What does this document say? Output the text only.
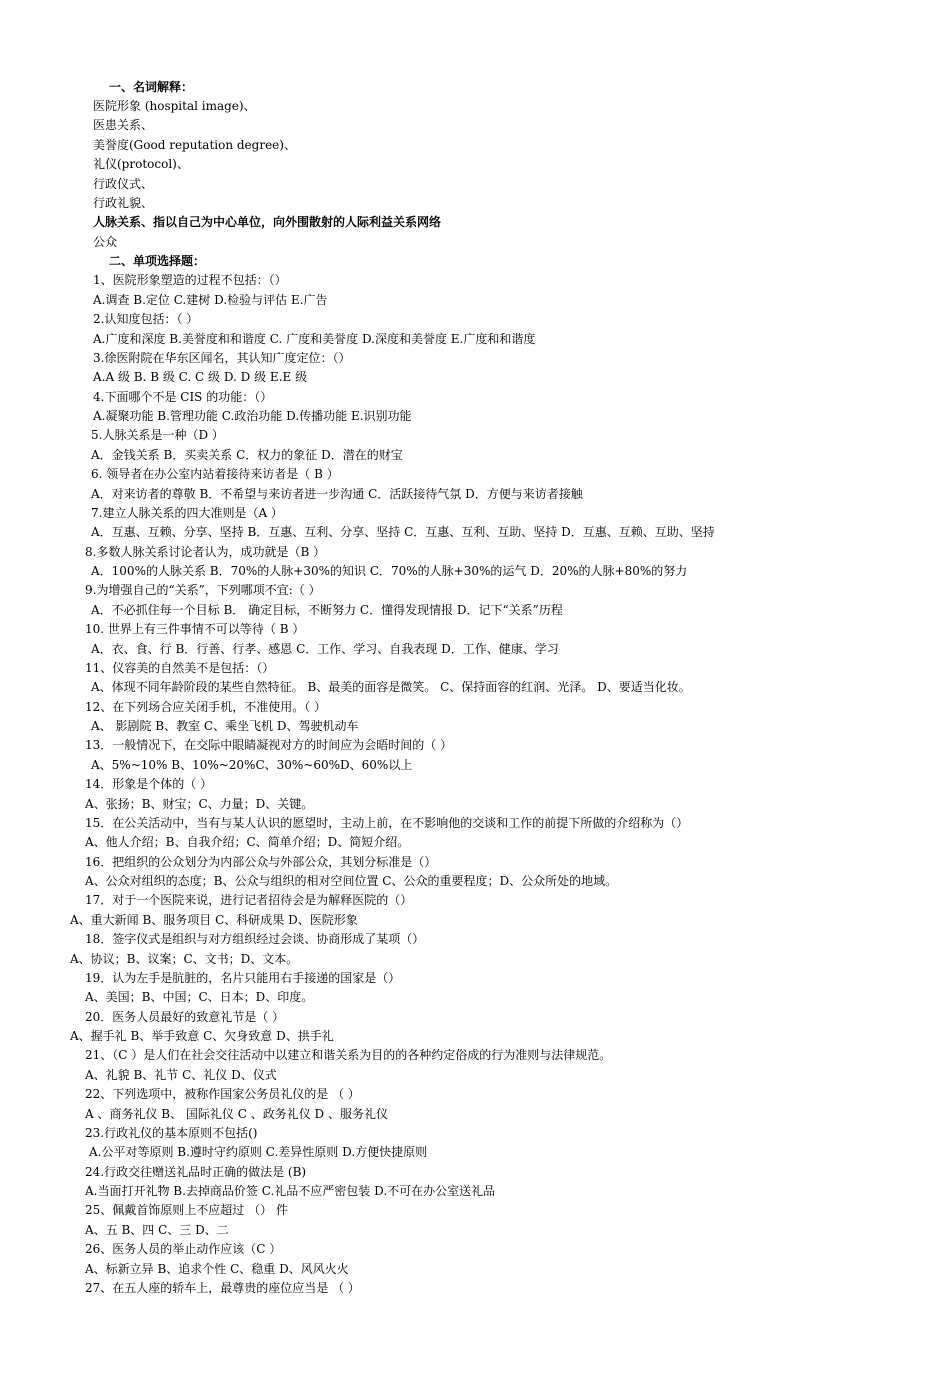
一、名词解释：
医院形象 (hospital image)、
医患关系、
美誉度(Good reputation degree)、
礼仪(protocol)、
行政仪式、
行政礼貌、
人脉关系、指以自己为中心单位，向外围散射的人际利益关系网络
公众
二、单项选择题：
1、医院形象塑造的过程不包括：（）
A.调查 B.定位 C.建树 D.检验与评估 E.广告
2.认知度包括：（ ）
A.广度和深度 B.美誉度和和谐度 C. 广度和美誉度 D.深度和美誉度 E.广度和和谐度
3.徐医附院在华东区闻名，其认知广度定位：（）
A.A 级 B. B 级 C. C 级 D. D 级 E.E 级
4.下面哪个不是 CIS 的功能：（）
A.凝聚功能 B.管理功能 C.政治功能 D.传播功能 E.识别功能
5.人脉关系是一种（D ）
A．金钱关系 B．买卖关系 C．权力的象征 D．潜在的财宝
6. 领导者在办公室内站着接待来访者是（ B ）
A．对来访者的尊敬 B．不希望与来访者进一步沟通 C．活跃接待气氛 D．方便与来访者接触
7.建立人脉关系的四大准则是（A ）
A．互惠、互赖、分享、坚持 B．互惠、互利、分享、坚持 C．互惠、互利、互助、坚持 D．互惠、互赖、互助、坚持
8.多数人脉关系讨论者认为，成功就是（B ）
A．100%的人脉关系 B．70%的人脉+30%的知识 C．70%的人脉+30%的运气 D．20%的人脉+80%的努力
9.为增强自己的“关系”，下列哪项不宜:（ ）
A．不必抓住每一个目标 B． 确定目标，不断努力 C．懂得发现情报 D．记下“关系”历程
10. 世界上有三件事情不可以等待（ B ）
A．衣、食、行 B．行善、行孝、感恩 C．工作、学习、自我表现 D．工作、健康、学习
11、仪容美的自然美不是包括：（）
A、体现不同年龄阶段的某些自然特征。 B、最美的面容是微笑。 C、保持面容的红润、光泽。 D、要适当化妆。
12、在下列场合应关闭手机，不准使用。（ ）
A、 影剧院 B、教室 C、乘坐飞机 D、驾驶机动车
13．一般情况下，在交际中眼睛凝视对方的时间应为会晤时间的（ ）
A、5%~10% B、10%~20%C、30%~60%D、60%以上
14．形象是个体的（ ）
A、张扬；B、财宝；C、力量；D、关键。
15．在公关活动中，当有与某人认识的愿望时，主动上前，在不影响他的交谈和工作的前提下所做的介绍称为（）
A、他人介绍；B、自我介绍；C、简单介绍；D、简短介绍。
16．把组织的公众划分为内部公众与外部公众，其划分标准是（）
A、公众对组织的态度；B、公众与组织的相对空间位置 C、公众的重要程度；D、公众所处的地域。
17．对于一个医院来说，进行记者招待会是为解释医院的（）
A、重大新闻 B、服务项目 C、科研成果 D、医院形象
18．签字仪式是组织与对方组织经过会谈、协商形成了某项（）
A、协议；B、议案；C、文书；D、文本。
19．认为左手是肮脏的，名片只能用右手接递的国家是（）
A、美国；B、中国；C、日本；D、印度。
20．医务人员最好的致意礼节是（ ）
A、握手礼 B、举手致意 C、欠身致意 D、拱手礼
21、（C ）是人们在社会交往活动中以建立和谐关系为目的的各种约定俗成的行为准则与法律规范。
A、礼貌 B、礼节 C、礼仪 D、仪式
22、下列选项中，被称作国家公务员礼仪的是 （ ）
A 、商务礼仪 B、 国际礼仪 C 、政务礼仪 D 、服务礼仪
23.行政礼仪的基本原则不包括()
A.公平对等原则 B.遵时守约原则 C.差异性原则 D.方便快捷原则
24.行政交往赠送礼品时正确的做法是 (B)
A.当面打开礼物 B.去掉商品价签 C.礼品不应严密包装 D.不可在办公室送礼品
25、佩戴首饰原则上不应超过 （） 件
A、五 B、四 C、三 D、二
26、医务人员的举止动作应该（C ）
A、标新立异 B、追求个性 C、稳重 D、风风火火
27、在五人座的轿车上，最尊贵的座位应当是 （ ）
